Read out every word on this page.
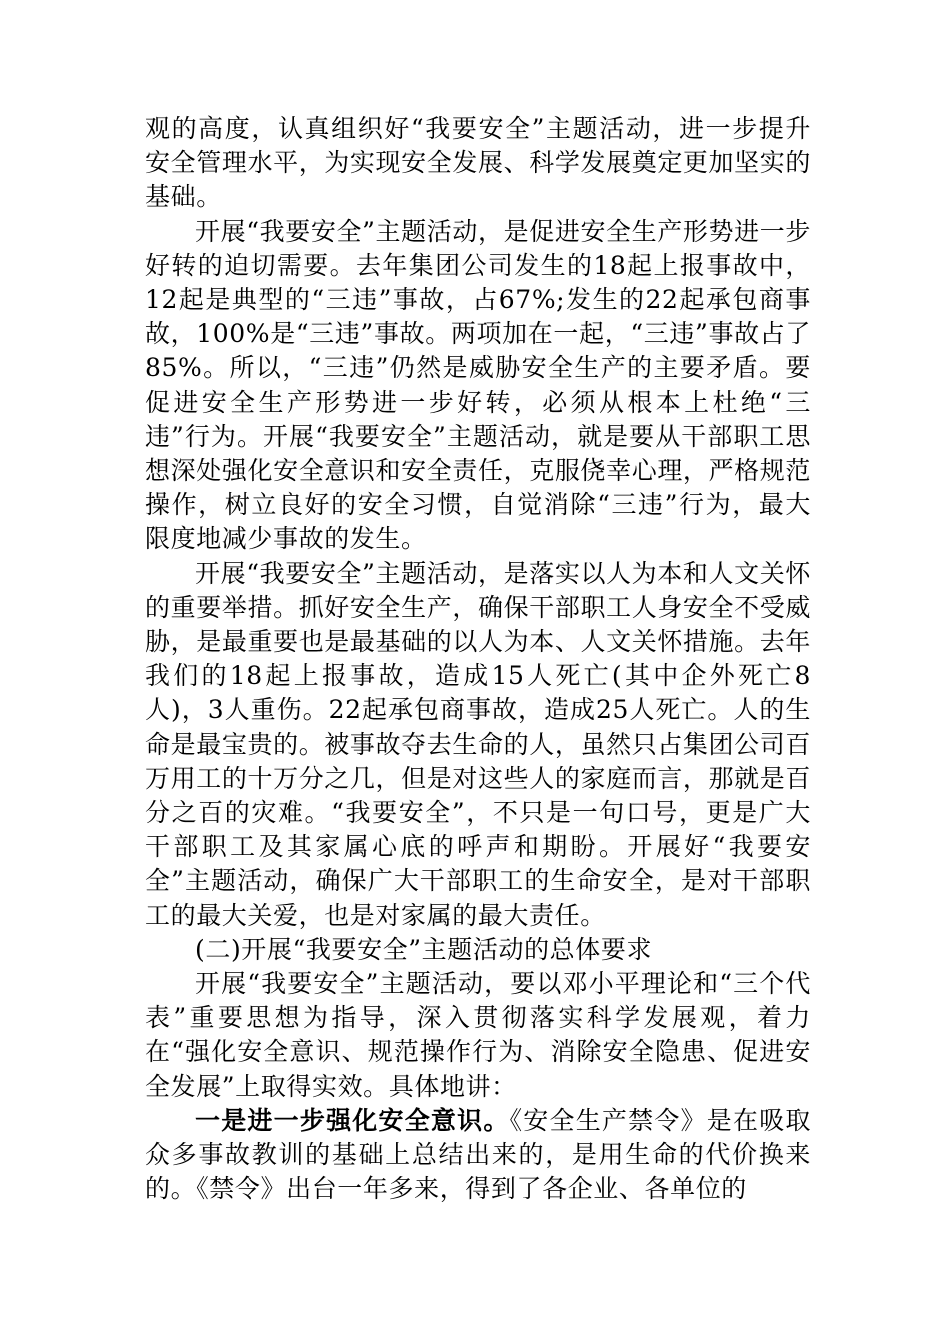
观的高度，认真组织好“我要安全”主题活动，进一步提升安全管理水平，为实现安全发展、科学发展奠定更加坚实的基础。

开展“我要安全”主题活动，是促进安全生产形势进一步好转的迫切需要。去年集团公司发生的18起上报事故中，12起是典型的“三违”事故，占67%;发生的22起承包商事故，100%是“三违”事故。两项加在一起，“三违”事故占了85%。所以，“三违”仍然是威胁安全生产的主要矛盾。要促进安全生产形势进一步好转，必须从根本上杜绝“三违”行为。开展“我要安全”主题活动，就是要从干部职工思想深处强化安全意识和安全责任，克服侥幸心理，严格规范操作，树立良好的安全习惯，自觉消除“三违”行为，最大限度地减少事故的发生。

开展“我要安全”主题活动，是落实以人为本和人文关怀的重要举措。抓好安全生产，确保干部职工人身安全不受威胁，是最重要也是最基础的以人为本、人文关怀措施。去年我们的18起上报事故，造成15人死亡(其中企外死亡8人)，3人重伤。22起承包商事故，造成25人死亡。人的生命是最宝贵的。被事故夺去生命的人，虽然只占集团公司百万用工的十万分之几，但是对这些人的家庭而言，那就是百分之百的灾难。“我要安全”，不只是一句口号，更是广大干部职工及其家属心底的呼声和期盼。开展好“我要安全”主题活动，确保广大干部职工的生命安全，是对干部职工的最大关爱，也是对家属的最大责任。

(二)开展“我要安全”主题活动的总体要求

开展“我要安全”主题活动，要以邓小平理论和“三个代表”重要思想为指导，深入贯彻落实科学发展观，着力在“强化安全意识、规范操作行为、消除安全隐患、促进安全发展”上取得实效。具体地讲：

一是进一步强化安全意识。《安全生产禁令》是在吸取众多事故教训的基础上总结出来的，是用生命的代价换来的。《禁令》出台一年多来，得到了各企业、各单位的
